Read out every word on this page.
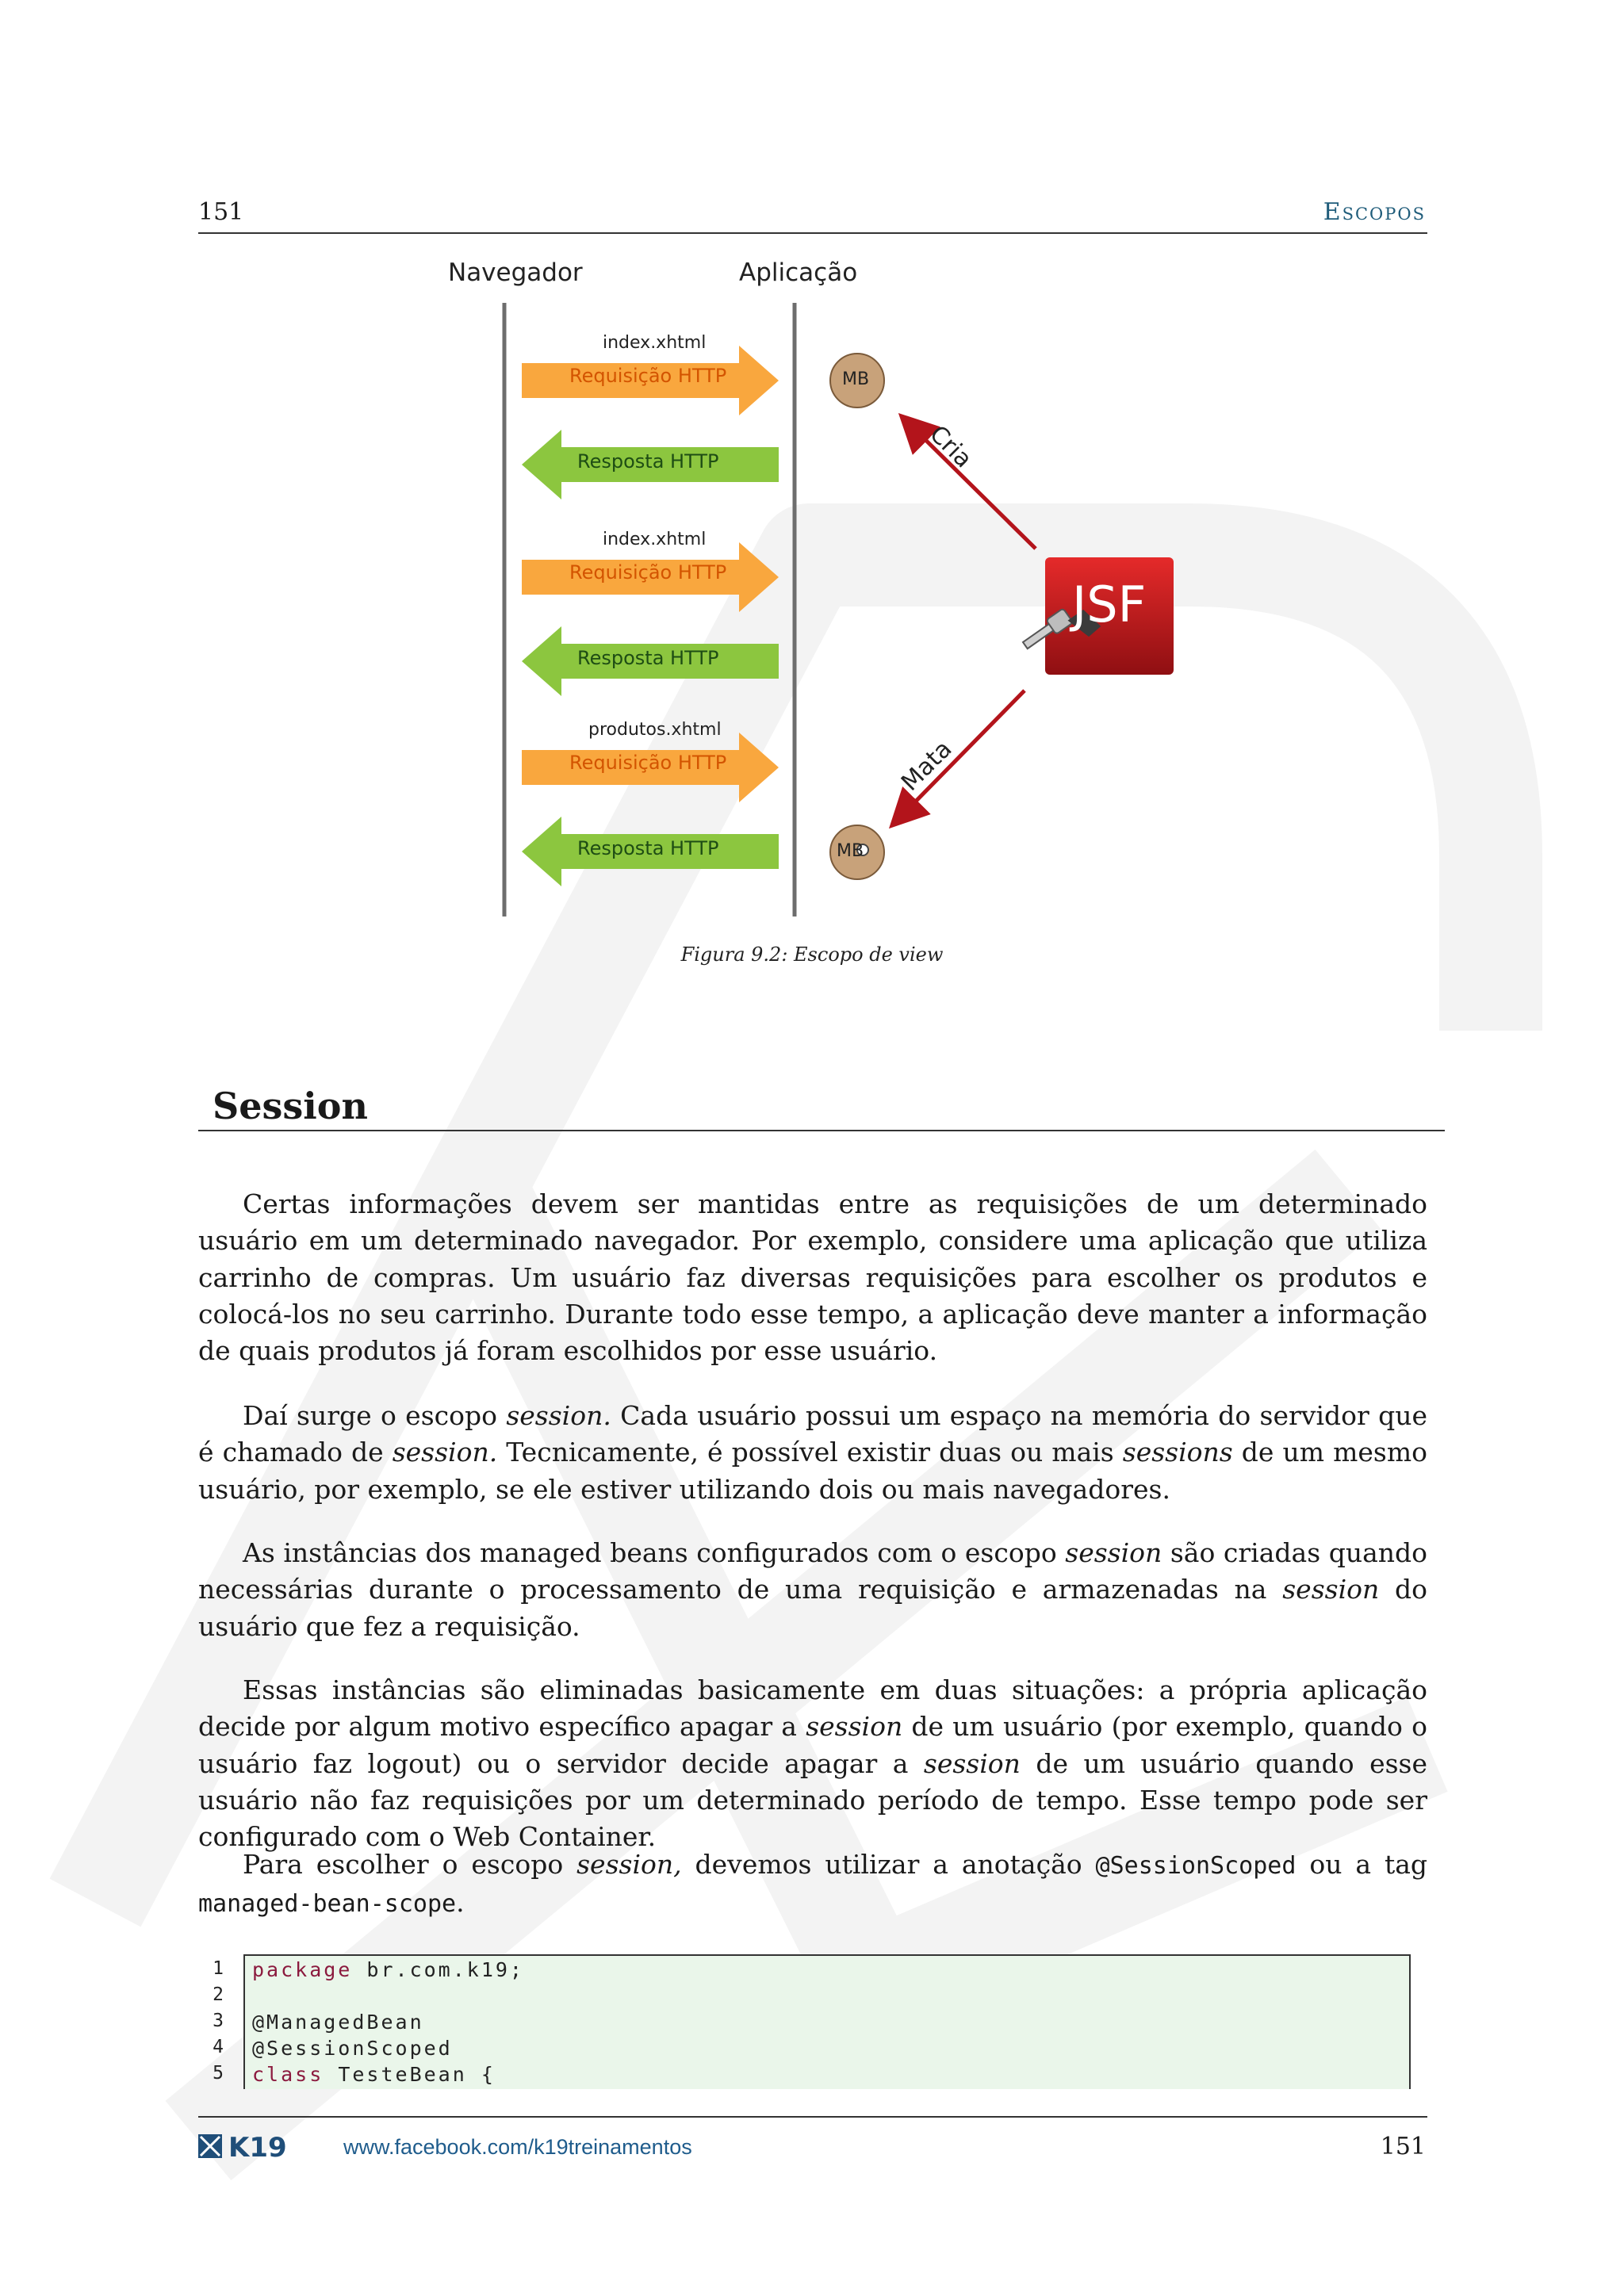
151	Escopos
Navegador	Aplicação
index.xhtml
Requisição HTTP
Resposta HTTP
index.xhtml
Requisição HTTP
Resposta HTTP
produtos.xhtml
Requisição HTTP
Resposta HTTP
MB
MB
JSF
Cria
Mata
Figura 9.2: Escopo de view
Session

Certas informações devem ser mantidas entre as requisições de um determinado usuário em um determinado navegador. Por exemplo, considere uma aplicação que utiliza carrinho de compras. Um usuário faz diversas requisições para escolher os produtos e colocá-los no seu carrinho. Durante todo esse tempo, a aplicação deve manter a informação de quais produtos já foram escolhidos por esse usuário.

Daí surge o escopo session. Cada usuário possui um espaço na memória do servidor que é chamado de session. Tecnicamente, é possível existir duas ou mais sessions de um mesmo usuário, por exemplo, se ele estiver utilizando dois ou mais navegadores.

As instâncias dos managed beans configurados com o escopo session são criadas quando necessárias durante o processamento de uma requisição e armazenadas na session do usuário que fez a requisição.

Essas instâncias são eliminadas basicamente em duas situações: a própria aplicação decide por algum motivo específico apagar a session de um usuário (por exemplo, quando o usuário faz logout) ou o servidor decide apagar a session de um usuário quando esse usuário não faz requisições por um determinado período de tempo. Esse tempo pode ser configurado com o Web Container.

Para escolher o escopo session, devemos utilizar a anotação @SessionScoped ou a tag managed-bean-scope.

1 package br.com.k19;
2
3 @ManagedBean
4 @SessionScoped
5 class TesteBean {
K19	www.facebook.com/k19treinamentos	151
